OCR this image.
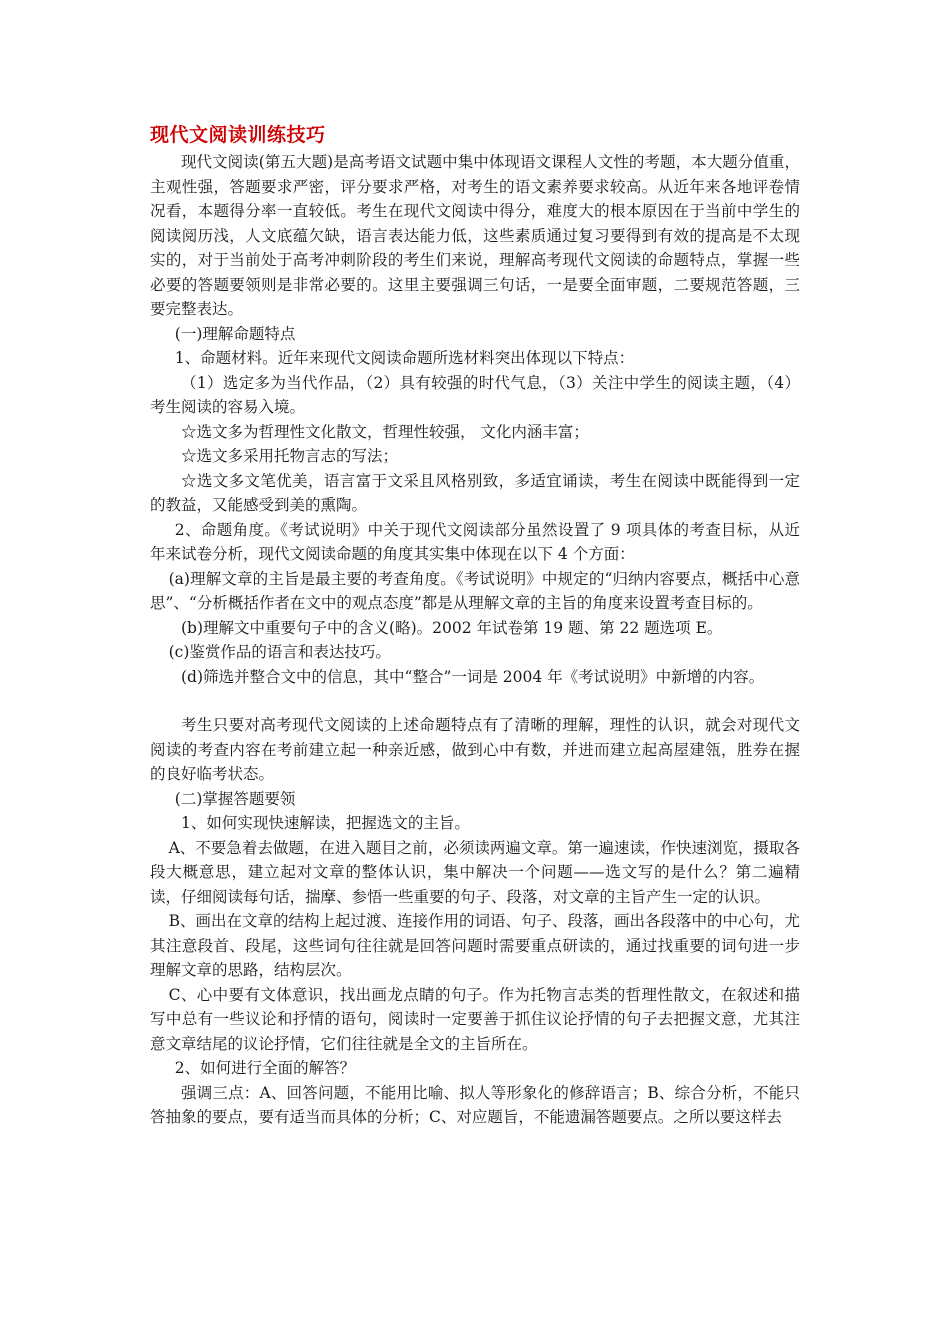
现代文阅读训练技巧

现代文阅读(第五大题)是高考语文试题中集中体现语文课程人文性的考题，本大题分值重，主观性强，答题要求严密，评分要求严格，对考生的语文素养要求较高。从近年来各地评卷情况看，本题得分率一直较低。考生在现代文阅读中得分，难度大的根本原因在于当前中学生的阅读阅历浅，人文底蕴欠缺，语言表达能力低，这些素质通过复习要得到有效的提高是不太现实的，对于当前处于高考冲刺阶段的考生们来说，理解高考现代文阅读的命题特点，掌握一些必要的答题要领则是非常必要的。这里主要强调三句话，一是要全面审题，二要规范答题，三要完整表达。

(一)理解命题特点

1、命题材料。近年来现代文阅读命题所选材料突出体现以下特点：

（1）选定多为当代作品，（2）具有较强的时代气息，（3）关注中学生的阅读主题，（4）考生阅读的容易入境。

☆选文多为哲理性文化散文，哲理性较强， 文化内涵丰富；

☆选文多采用托物言志的写法；

☆选文多文笔优美，语言富于文采且风格别致，多适宜诵读，考生在阅读中既能得到一定的教益，又能感受到美的熏陶。

2、命题角度。《考试说明》中关于现代文阅读部分虽然设置了 9 项具体的考查目标，从近年来试卷分析，现代文阅读命题的角度其实集中体现在以下 4 个方面：

(a)理解文章的主旨是最主要的考查角度。《考试说明》中规定的“归纳内容要点，概括中心意思”、“分析概括作者在文中的观点态度”都是从理解文章的主旨的角度来设置考查目标的。

(b)理解文中重要句子中的含义(略)。2002 年试卷第 19 题、第 22 题选项 E。

(c)鉴赏作品的语言和表达技巧。

(d)筛选并整合文中的信息，其中“整合”一词是 2004 年《考试说明》中新增的内容。

考生只要对高考现代文阅读的上述命题特点有了清晰的理解，理性的认识，就会对现代文阅读的考查内容在考前建立起一种亲近感，做到心中有数，并进而建立起高屋建瓴，胜券在握的良好临考状态。

(二)掌握答题要领

1、如何实现快速解读，把握选文的主旨。

A、不要急着去做题，在进入题目之前，必须读两遍文章。第一遍速读，作快速浏览，摄取各段大概意思，建立起对文章的整体认识，集中解决一个问题——选文写的是什么？第二遍精读，仔细阅读每句话，揣摩、参悟一些重要的句子、段落，对文章的主旨产生一定的认识。

B、画出在文章的结构上起过渡、连接作用的词语、句子、段落，画出各段落中的中心句，尤其注意段首、段尾，这些词句往往就是回答问题时需要重点研读的，通过找重要的词句进一步理解文章的思路，结构层次。

C、心中要有文体意识，找出画龙点睛的句子。作为托物言志类的哲理性散文，在叙述和描写中总有一些议论和抒情的语句，阅读时一定要善于抓住议论抒情的句子去把握文意，尤其注意文章结尾的议论抒情，它们往往就是全文的主旨所在。

2、如何进行全面的解答？

强调三点：A、回答问题，不能用比喻、拟人等形象化的修辞语言；B、综合分析，不能只答抽象的要点，要有适当而具体的分析；C、对应题旨，不能遗漏答题要点。之所以要这样去
